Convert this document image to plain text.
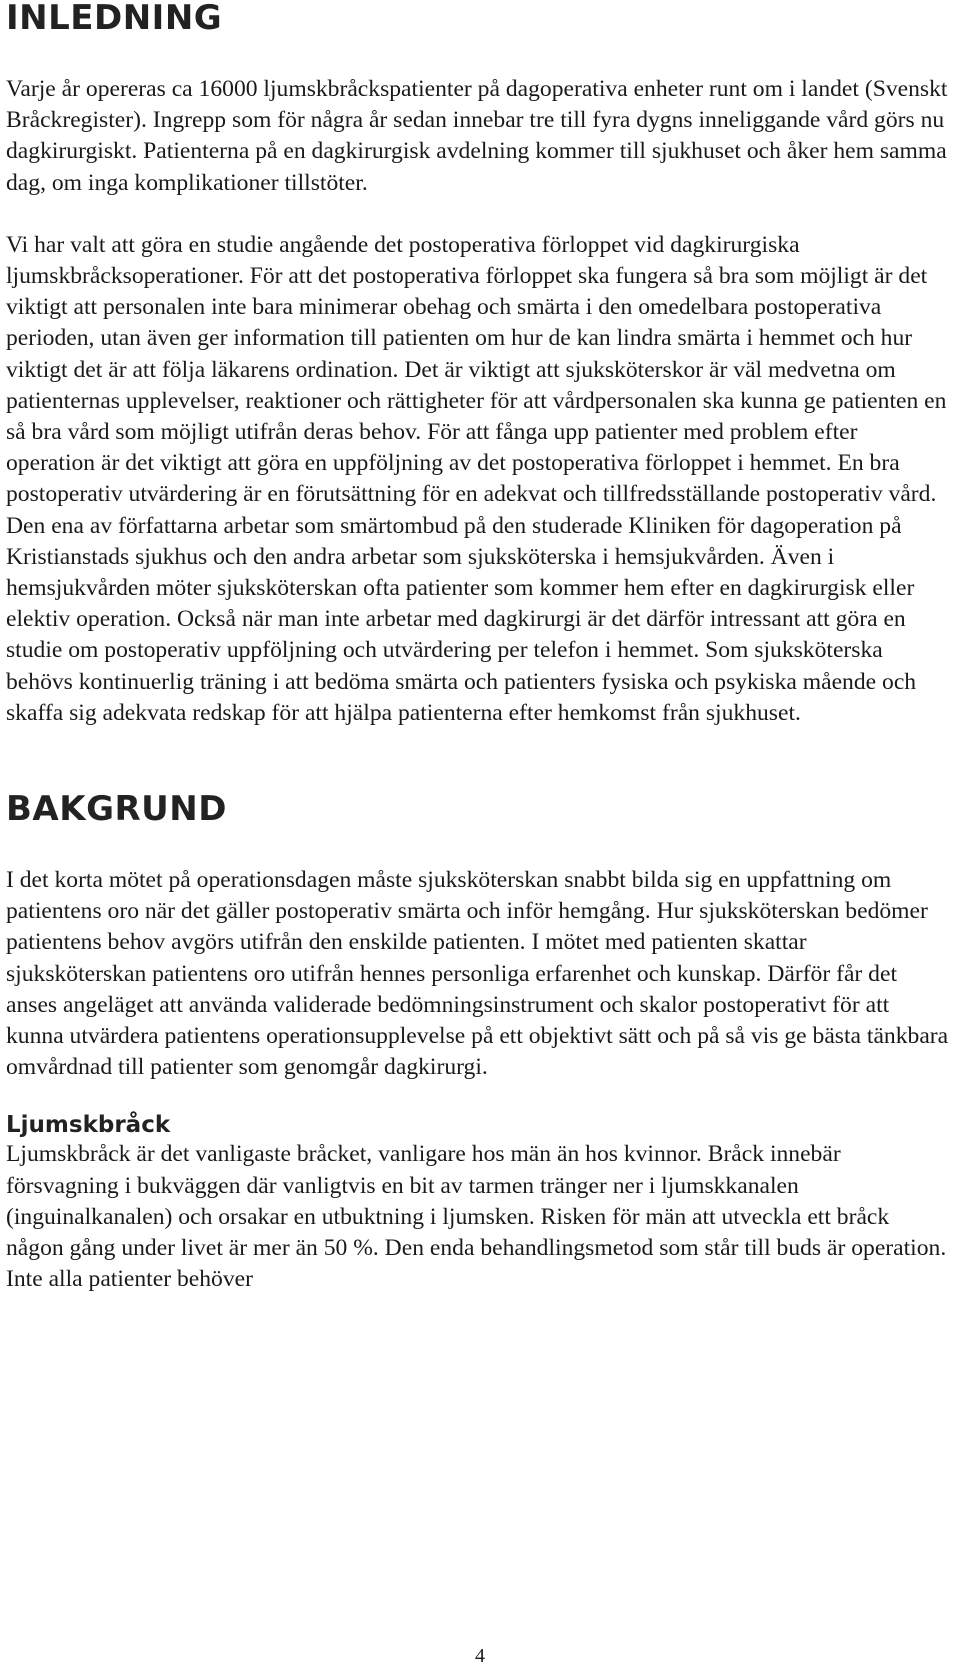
INLEDNING

Varje år opereras ca 16000 ljumskbråckspatienter på dagoperativa enheter runt om i landet (Svenskt Bråckregister). Ingrepp som för några år sedan innebar tre till fyra dygns inneliggande vård görs nu dagkirurgiskt. Patienterna på en dagkirurgisk avdelning kommer till sjukhuset och åker hem samma dag, om inga komplikationer tillstöter.

Vi har valt att göra en studie angående det postoperativa förloppet vid dagkirurgiska ljumskbråcksoperationer. För att det postoperativa förloppet ska fungera så bra som möjligt är det viktigt att personalen inte bara minimerar obehag och smärta i den omedelbara postoperativa perioden, utan även ger information till patienten om hur de kan lindra smärta i hemmet och hur viktigt det är att följa läkarens ordination. Det är viktigt att sjuksköterskor är väl medvetna om patienternas upplevelser, reaktioner och rättigheter för att vårdpersonalen ska kunna ge patienten en så bra vård som möjligt utifrån deras behov. För att fånga upp patienter med problem efter operation är det viktigt att göra en uppföljning av det postoperativa förloppet i hemmet. En bra postoperativ utvärdering är en förutsättning för en adekvat och tillfredsställande postoperativ vård.

Den ena av författarna arbetar som smärtombud på den studerade Kliniken för dagoperation på Kristianstads sjukhus och den andra arbetar som sjuksköterska i hemsjukvården. Även i hemsjukvården möter sjuksköterskan ofta patienter som kommer hem efter en dagkirurgisk eller elektiv operation. Också när man inte arbetar med dagkirurgi är det därför intressant att göra en studie om postoperativ uppföljning och utvärdering per telefon i hemmet. Som sjuksköterska behövs kontinuerlig träning i att bedöma smärta och patienters fysiska och psykiska mående och skaffa sig adekvata redskap för att hjälpa patienterna efter hemkomst från sjukhuset.

BAKGRUND

I det korta mötet på operationsdagen måste sjuksköterskan snabbt bilda sig en uppfattning om patientens oro när det gäller postoperativ smärta och inför hemgång. Hur sjuksköterskan bedömer patientens behov avgörs utifrån den enskilde patienten. I mötet med patienten skattar sjuksköterskan patientens oro utifrån hennes personliga erfarenhet och kunskap. Därför får det anses angeläget att använda validerade bedömningsinstrument och skalor postoperativt för att kunna utvärdera patientens operationsupplevelse på ett objektivt sätt och på så vis ge bästa tänkbara omvårdnad till patienter som genomgår dagkirurgi.

Ljumskbråck

Ljumskbråck är det vanligaste bråcket, vanligare hos män än hos kvinnor. Bråck innebär försvagning i bukväggen där vanligtvis en bit av tarmen tränger ner i ljumskkanalen (inguinalkanalen) och orsakar en utbuktning i ljumsken. Risken för män att utveckla ett bråck någon gång under livet är mer än 50 %. Den enda behandlingsmetod som står till buds är operation. Inte alla patienter behöver

4
